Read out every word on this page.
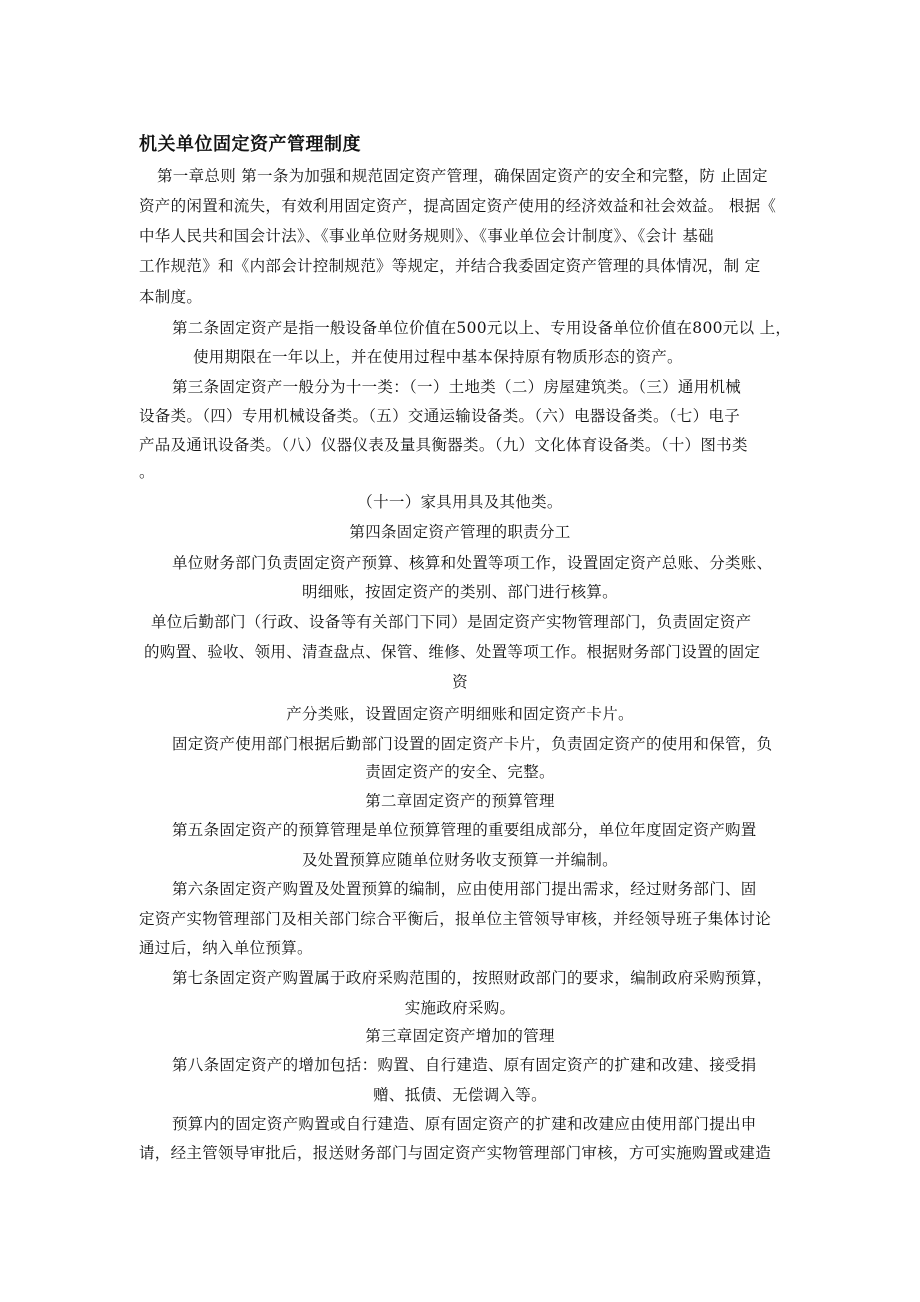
机关单位固定资产管理制度
第一章总则 第一条为加强和规范固定资产管理，确保固定资产的安全和完整，防 止固定
资产的闲置和流失，有效利用固定资产，提高固定资产使用的经济效益和社会效益。 根据《
中华人民共和国会计法》、《事业单位财务规则》、《事业单位会计制度》、《会计 基础
工作规范》和《内部会计控制规范》等规定，并结合我委固定资产管理的具体情况，制 定
本制度。
第二条固定资产是指一般设备单位价值在500元以上、专用设备单位价值在800元以 上，
使用期限在一年以上，并在使用过程中基本保持原有物质形态的资产。
第三条固定资产一般分为十一类：（一）土地类（二）房屋建筑类。（三）通用机械
设备类。（四）专用机械设备类。（五）交通运输设备类。（六）电器设备类。（七）电子
产品及通讯设备类。（八）仪器仪表及量具衡器类。（九）文化体育设备类。（十）图书类
。
（十一）家具用具及其他类。
第四条固定资产管理的职责分工
单位财务部门负责固定资产预算、核算和处置等项工作，设置固定资产总账、分类账、
明细账，按固定资产的类别、部门进行核算。
单位后勤部门（行政、设备等有关部门下同）是固定资产实物管理部门，负责固定资产
的购置、验收、领用、清查盘点、保管、维修、处置等项工作。根据财务部门设置的固定
资
产分类账，设置固定资产明细账和固定资产卡片。
固定资产使用部门根据后勤部门设置的固定资产卡片，负责固定资产的使用和保管，负
责固定资产的安全、完整。
第二章固定资产的预算管理
第五条固定资产的预算管理是单位预算管理的重要组成部分，单位年度固定资产购置
及处置预算应随单位财务收支预算一并编制。
第六条固定资产购置及处置预算的编制，应由使用部门提出需求，经过财务部门、固
定资产实物管理部门及相关部门综合平衡后，报单位主管领导审核，并经领导班子集体讨论
通过后，纳入单位预算。
第七条固定资产购置属于政府采购范围的，按照财政部门的要求，编制政府采购预算，
实施政府采购。
第三章固定资产增加的管理
第八条固定资产的增加包括：购置、自行建造、原有固定资产的扩建和改建、接受捐
赠、抵债、无偿调入等。
预算内的固定资产购置或自行建造、原有固定资产的扩建和改建应由使用部门提出申
请，经主管领导审批后，报送财务部门与固定资产实物管理部门审核，方可实施购置或建造
